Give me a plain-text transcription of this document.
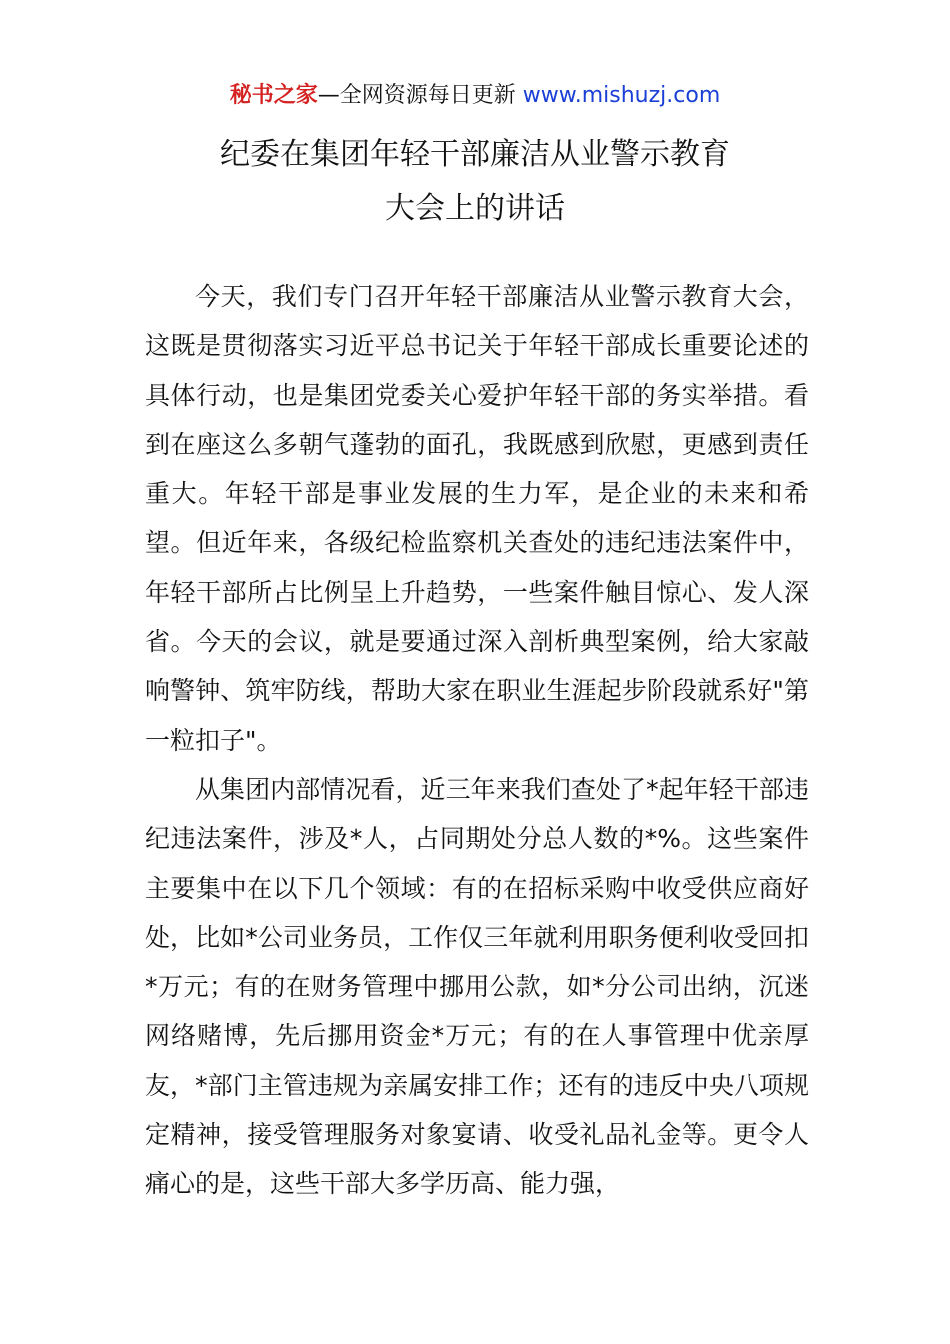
秘书之家—全网资源每日更新 www.mishuzj.com
纪委在集团年轻干部廉洁从业警示教育
大会上的讲话

今天，我们专门召开年轻干部廉洁从业警示教育大会，这既是贯彻落实习近平总书记关于年轻干部成长重要论述的具体行动，也是集团党委关心爱护年轻干部的务实举措。看到在座这么多朝气蓬勃的面孔，我既感到欣慰，更感到责任重大。年轻干部是事业发展的生力军，是企业的未来和希望。但近年来，各级纪检监察机关查处的违纪违法案件中，年轻干部所占比例呈上升趋势，一些案件触目惊心、发人深省。今天的会议，就是要通过深入剖析典型案例，给大家敲响警钟、筑牢防线，帮助大家在职业生涯起步阶段就系好"第一粒扣子"。

从集团内部情况看，近三年来我们查处了*起年轻干部违纪违法案件，涉及*人，占同期处分总人数的*%。这些案件主要集中在以下几个领域：有的在招标采购中收受供应商好处，比如*公司业务员，工作仅三年就利用职务便利收受回扣*万元；有的在财务管理中挪用公款，如*分公司出纳，沉迷网络赌博，先后挪用资金*万元；有的在人事管理中优亲厚友，*部门主管违规为亲属安排工作；还有的违反中央八项规定精神，接受管理服务对象宴请、收受礼品礼金等。更令人痛心的是，这些干部大多学历高、能力强，
